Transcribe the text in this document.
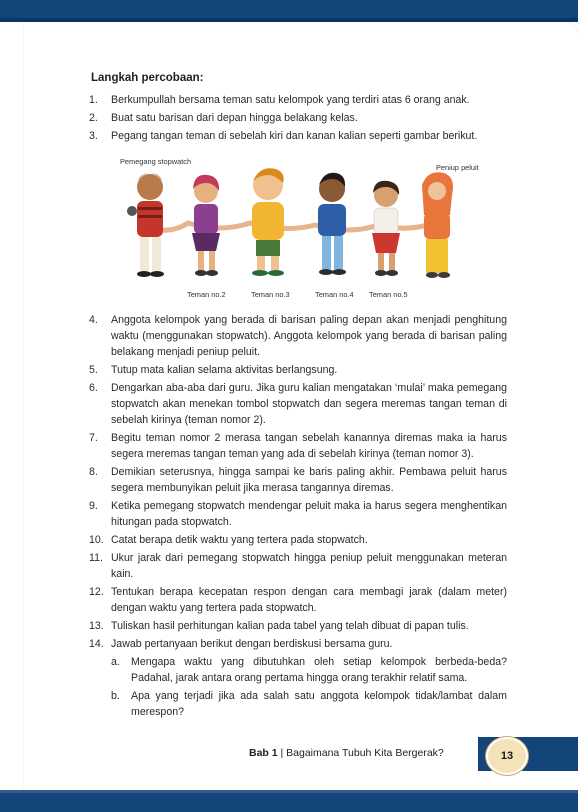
Langkah percobaan:
1.	Berkumpullah bersama teman satu kelompok yang terdiri atas 6 orang anak.
2.	Buat satu barisan dari depan hingga belakang kelas.
3.	Pegang tangan teman di sebelah kiri dan kanan kalian seperti gambar berikut.
Pemegang stopwatch
Peniup peluit
Teman no.2	Teman no.3	Teman no.4 Teman no.5
4.	Anggota kelompok yang berada di barisan paling depan akan menjadi penghitung waktu (menggunakan stopwatch). Anggota kelompok yang berada di barisan paling belakang menjadi peniup peluit.
5.	Tutup mata kalian selama aktivitas berlangsung.
6.	Dengarkan aba-aba dari guru. Jika guru kalian mengatakan ‘mulai’ maka pemegang stopwatch akan menekan tombol stopwatch dan segera meremas tangan teman di sebelah kirinya (teman nomor 2).
7.	Begitu teman nomor 2 merasa tangan sebelah kanannya diremas maka ia harus segera meremas tangan teman yang ada di sebelah kirinya (teman nomor 3).
8.	Demikian seterusnya, hingga sampai ke baris paling akhir. Pembawa peluit harus segera membunyikan peluit jika merasa tangannya diremas.
9.	Ketika pemegang stopwatch mendengar peluit maka ia harus segera menghentikan hitungan pada stopwatch.
10. Catat berapa detik waktu yang tertera pada stopwatch.
11. Ukur jarak dari pemegang stopwatch hingga peniup peluit menggunakan meteran kain.
12. Tentukan berapa kecepatan respon dengan cara membagi jarak (dalam meter) dengan waktu yang tertera pada stopwatch.
13. Tuliskan hasil perhitungan kalian pada tabel yang telah dibuat di papan tulis.
14. Jawab pertanyaan berikut dengan berdiskusi bersama guru.
a.	Mengapa waktu yang dibutuhkan oleh setiap kelompok berbeda-beda? Padahal, jarak antara orang pertama hingga orang terakhir relatif sama.
b.	Apa yang terjadi jika ada salah satu anggota kelompok tidak/lambat dalam merespon?
Bab 1 | Bagaimana Tubuh Kita Bergerak?	13
